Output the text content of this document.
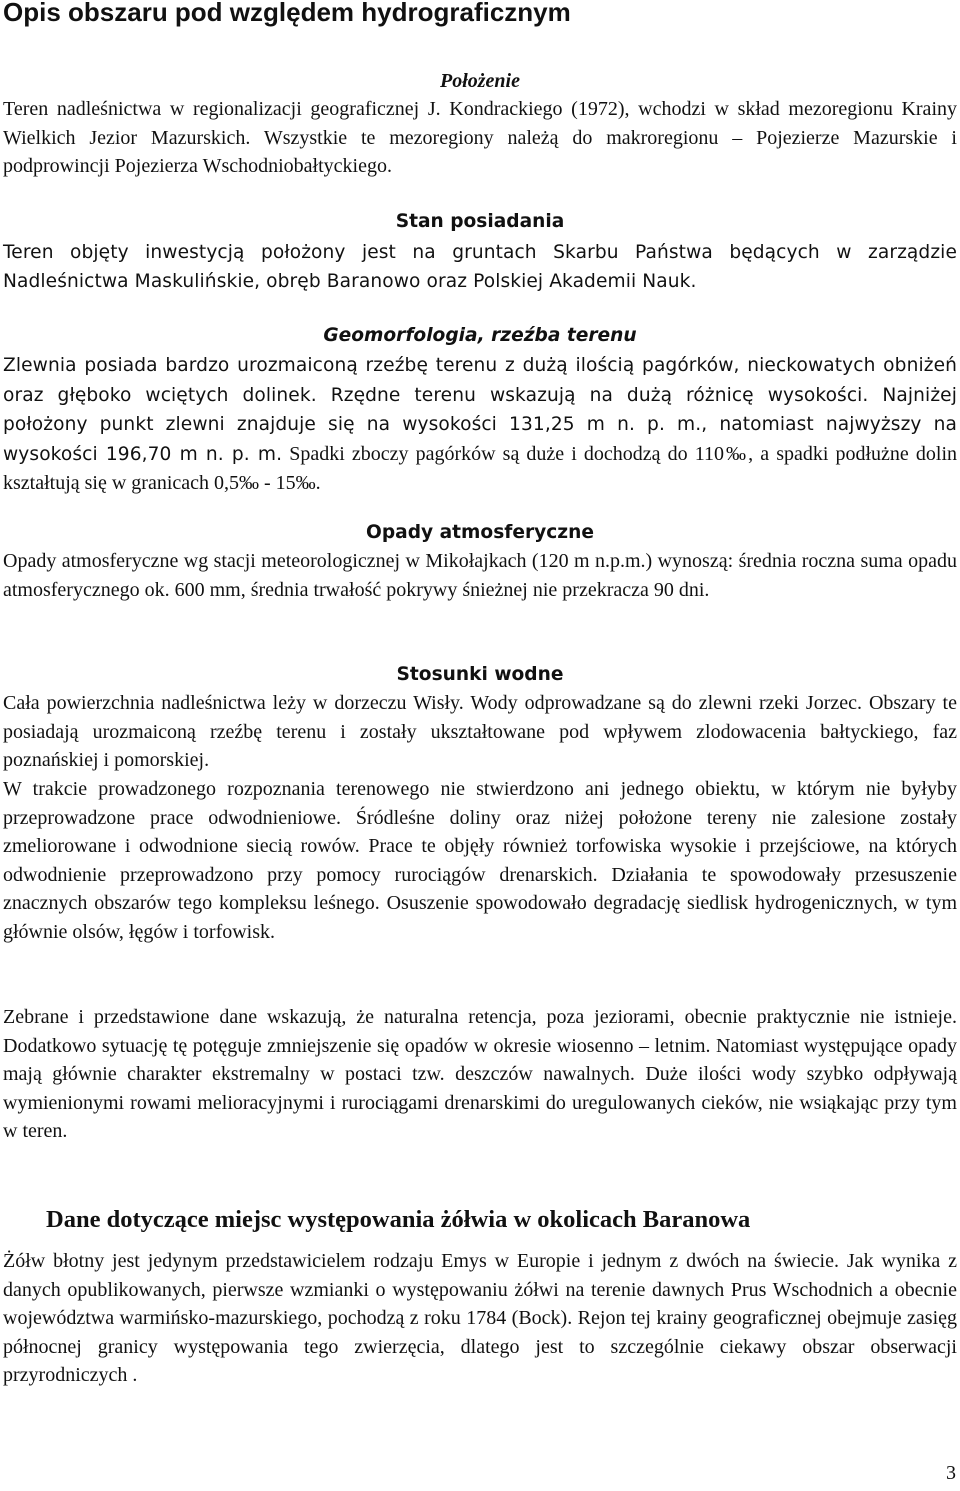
Opis obszaru pod względem hydrograficznym
Położenie

Teren nadleśnictwa w regionalizacji geograficznej J. Kondrackiego (1972), wchodzi w skład mezoregionu Krainy Wielkich Jezior Mazurskich. Wszystkie te mezoregiony należą do makroregionu – Pojezierze Mazurskie i podprowincji Pojezierza Wschodniobałtyckiego.

Stan posiadania

Teren objęty inwestycją położony jest na gruntach Skarbu Państwa będących w zarządzie Nadleśnictwa Maskulińskie, obręb Baranowo oraz Polskiej Akademii Nauk.

Geomorfologia, rzeźba terenu

Zlewnia posiada bardzo urozmaiconą rzeźbę terenu z dużą ilością pagórków, nieckowatych obniżeń oraz głęboko wciętych dolinek. Rzędne terenu wskazują na dużą różnicę wysokości. Najniżej położony punkt zlewni znajduje się na wysokości 131,25 m n. p. m., natomiast najwyższy na wysokości 196,70 m n. p. m. Spadki zboczy pagórków są duże i dochodzą do 110‰, a spadki podłużne dolin kształtują się w granicach 0,5‰ - 15‰.

Opady atmosferyczne

Opady atmosferyczne wg stacji meteorologicznej w Mikołajkach (120 m n.p.m.) wynoszą: średnia roczna suma opadu atmosferycznego ok. 600 mm, średnia trwałość pokrywy śnieżnej nie przekracza 90 dni.

Stosunki wodne

Cała powierzchnia nadleśnictwa leży w dorzeczu Wisły. Wody odprowadzane są do zlewni rzeki Jorzec. Obszary te posiadają urozmaiconą rzeźbę terenu i zostały ukształtowane pod wpływem zlodowacenia bałtyckiego, faz poznańskiej i pomorskiej.

W trakcie prowadzonego rozpoznania terenowego nie stwierdzono ani jednego obiektu, w którym nie byłyby przeprowadzone prace odwodnieniowe. Śródleśne doliny oraz niżej położone tereny nie zalesione zostały zmeliorowane i odwodnione siecią rowów. Prace te objęły również torfowiska wysokie i przejściowe, na których odwodnienie przeprowadzono przy pomocy rurociągów drenarskich. Działania te spowodowały przesuszenie znacznych obszarów tego kompleksu leśnego. Osuszenie spowodowało degradację siedlisk hydrogenicznych, w tym głównie olsów, łęgów i torfowisk.

Zebrane i przedstawione dane wskazują, że naturalna retencja, poza jeziorami, obecnie praktycznie nie istnieje. Dodatkowo sytuację tę potęguje zmniejszenie się opadów w okresie wiosenno – letnim. Natomiast występujące opady mają głównie charakter ekstremalny w postaci tzw. deszczów nawalnych. Duże ilości wody szybko odpływają wymienionymi rowami melioracyjnymi i rurociągami drenarskimi do uregulowanych cieków, nie wsiąkając przy tym w teren.

Dane dotyczące miejsc występowania żółwia w okolicach Baranowa

Żółw błotny jest jedynym przedstawicielem rodzaju Emys w Europie i jednym z dwóch na świecie. Jak wynika z danych opublikowanych, pierwsze wzmianki o występowaniu żółwi na terenie dawnych Prus Wschodnich a obecnie województwa warmińsko-mazurskiego, pochodzą z roku 1784 (Bock). Rejon tej krainy geograficznej obejmuje zasięg północnej granicy występowania tego zwierzęcia, dlatego jest to szczególnie ciekawy obszar obserwacji przyrodniczych .

3
